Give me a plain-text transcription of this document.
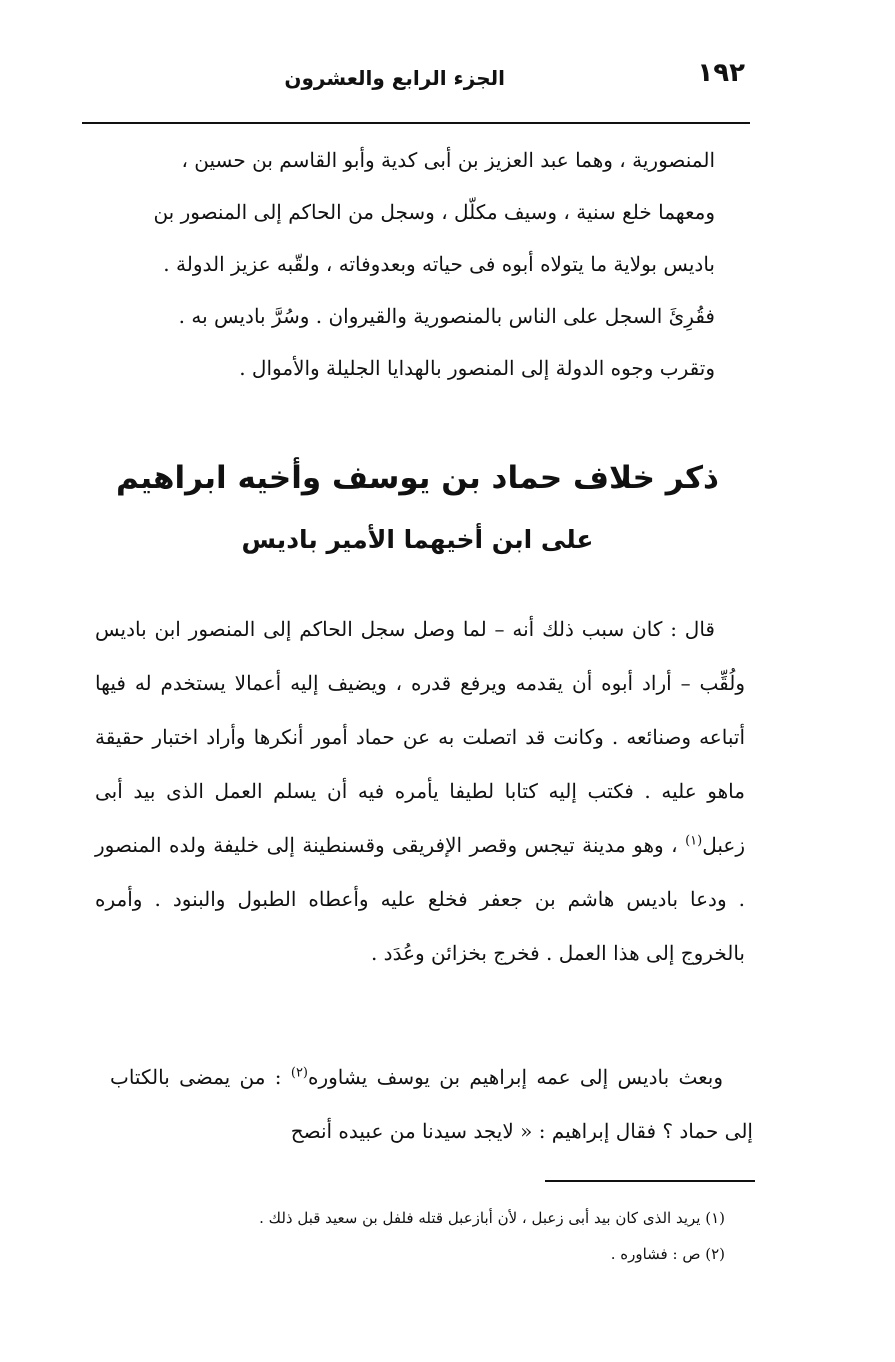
١٩٢
الجزء الرابع والعشرون

المنصورية ، وهما عبد العزيز بن أبى كدية وأبو القاسم بن حسين ،

ومعهما خلع سنية ، وسيف مكلّل ، وسجل من الحاكم إلى المنصور بن

باديس بولاية ما يتولاه أبوه فى حياته وبعدوفاته ، ولقّبه عزيز الدولة .

فقُرِئَ السجل على الناس بالمنصورية والقيروان . وسُرَّ باديس به .

وتقرب وجوه الدولة إلى المنصور بالهدايا الجليلة والأموال .

ذكر خلاف حماد بن يوسف وأخيه ابراهيم
على ابن أخيهما الأمير باديس

قال : كان سبب ذلك أنه – لما وصل سجل الحاكم إلى المنصور ابن باديس ولُقِّب – أراد أبوه أن يقدمه ويرفع قدره ، ويضيف إليه أعمالا يستخدم له فيها أتباعه وصنائعه . وكانت قد اتصلت به عن حماد أمور أنكرها وأراد اختبار حقيقة ماهو عليه . فكتب إليه كتابا لطيفا يأمره فيه أن يسلم العمل الذى بيد أبى زعبل$^{(١)}$ ، وهو مدينة تيجس وقصر الإفريقى وقسنطينة إلى خليفة ولده المنصور . ودعا باديس هاشم بن جعفر فخلع عليه وأعطاه الطبول والبنود . وأمره بالخروج إلى هذا العمل . فخرج بخزائن وعُدَد .

وبعث باديس إلى عمه إبراهيم بن يوسف يشاوره$^{(٢)}$ : من يمضى بالكتاب إلى حماد ؟ فقال إبراهيم : « لايجد سيدنا من عبيده أنصح

(١) يريد الذى كان بيد أبى زعبل ، لأن أبازعبل قتله فلفل بن سعيد قبل ذلك .

(٢) ص : فشاوره .
